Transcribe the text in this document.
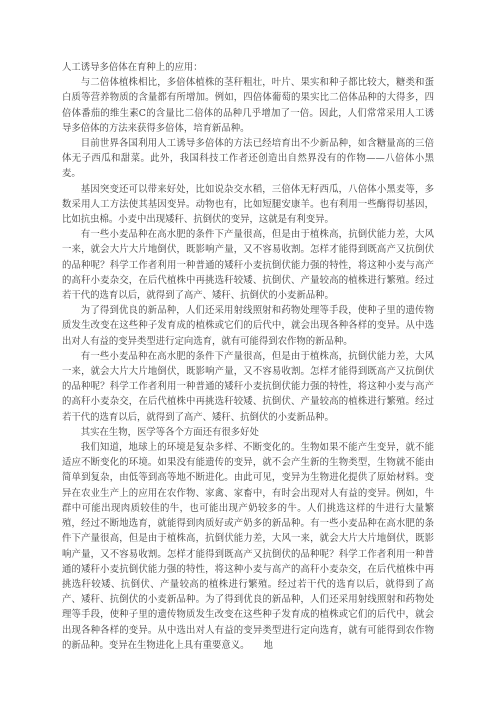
人工诱导多倍体在育种上的应用：

与二倍体植株相比，多倍体植株的茎秆粗壮，叶片、果实和种子都比较大，糖类和蛋白质等营养物质的含量都有所增加。例如，四倍体葡萄的果实比二倍体品种的大得多，四倍体番茄的维生素C的含量比二倍体的品种几乎增加了一倍。因此，人们常常采用人工诱导多倍体的方法来获得多倍体，培育新品种。

目前世界各国利用人工诱导多倍体的方法已经培育出不少新品种，如含糖量高的三倍体无子西瓜和甜菜。此外，我国科技工作者还创造出自然界没有的作物——八倍体小黑麦。

基因突变还可以带来好处，比如说杂交水稻，三倍体无籽西瓜，八倍体小黑麦等，多数采用人工方法使其基因变异。动物也有，比如短腿安康羊。也有利用一些酶得切基因，比如抗虫棉。小麦中出现矮秆、抗倒伏的变异，这就是有利变异。

有一些小麦品种在高水肥的条件下产量很高，但是由于植株高，抗倒伏能力差，大风一来，就会大片大片地倒伏，既影响产量，又不容易收割。怎样才能得到既高产又抗倒伏的品种呢？科学工作者利用一种普通的矮秆小麦抗倒伏能力强的特性，将这种小麦与高产的高秆小麦杂交，在后代植株中再挑选秆较矮、抗倒伏、产量较高的植株进行繁殖。经过若干代的选育以后，就得到了高产、矮秆、抗倒伏的小麦新品种。

为了得到优良的新品种，人们还采用射线照射和药物处理等手段，使种子里的遗传物质发生改变在这些种子发育成的植株或它们的后代中，就会出现各种各样的变异。从中选出对人有益的变异类型进行定向选育，就有可能得到农作物的新品种。

有一些小麦品种在高水肥的条件下产量很高，但是由于植株高，抗倒伏能力差，大风一来，就会大片大片地倒伏，既影响产量，又不容易收割。怎样才能得到既高产又抗倒伏的品种呢？科学工作者利用一种普通的矮秆小麦抗倒伏能力强的特性，将这种小麦与高产的高秆小麦杂交，在后代植株中再挑选秆较矮、抗倒伏、产量较高的植株进行繁殖。经过若干代的选育以后，就得到了高产、矮秆、抗倒伏的小麦新品种。

其实在生物，医学等各个方面还有很多好处

我们知道，地球上的环境是复杂多样、不断变化的。生物如果不能产生变异，就不能适应不断变化的环境。如果没有能遗传的变异，就不会产生新的生物类型，生物就不能由简单到复杂，由低等到高等地不断进化。由此可见，变异为生物进化提供了原始材料。变异在农业生产上的应用在农作物、家禽、家畜中，有时会出现对人有益的变异。例如，牛群中可能出现肉质较佳的牛，也可能出现产奶较多的牛。人们挑选这样的牛进行大量繁殖，经过不断地选育，就能得到肉质好或产奶多的新品种。有一些小麦品种在高水肥的条件下产量很高，但是由于植株高，抗倒伏能力差，大风一来，就会大片大片地倒伏，既影响产量，又不容易收割。怎样才能得到既高产又抗倒伏的品种呢？科学工作者利用一种普通的矮秆小麦抗倒伏能力强的特性，将这种小麦与高产的高秆小麦杂交，在后代植株中再挑选秆较矮、抗倒伏、产量较高的植株进行繁殖。经过若干代的选育以后，就得到了高产、矮秆、抗倒伏的小麦新品种。为了得到优良的新品种，人们还采用射线照射和药物处理等手段，使种子里的遗传物质发生改变在这些种子发育成的植株或它们的后代中，就会出现各种各样的变异。从中选出对人有益的变异类型进行定向选育，就有可能得到农作物的新品种。变异在生物进化上具有重要意义。　　地
